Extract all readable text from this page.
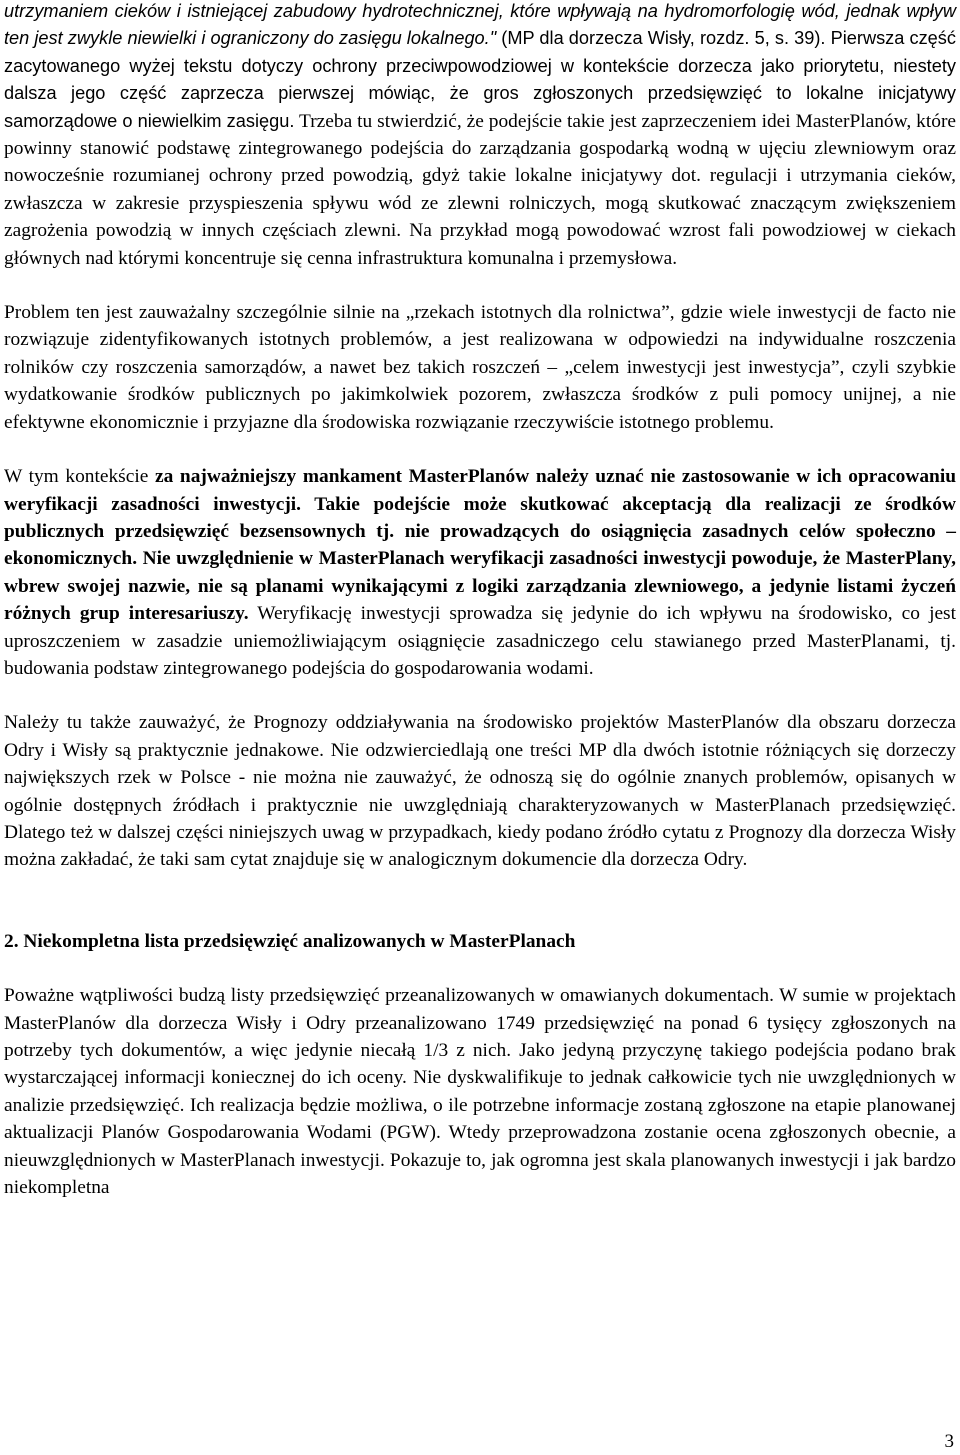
utrzymaniem cieków i istniejącej zabudowy hydrotechnicznej, które wpływają na hydromorfologię wód, jednak wpływ ten jest zwykle niewielki i ograniczony do zasięgu lokalnego." (MP dla dorzecza Wisły, rozdz. 5, s. 39). Pierwsza część zacytowanego wyżej tekstu dotyczy ochrony przeciwpowodziowej w kontekście dorzecza jako priorytetu, niestety dalsza jego część zaprzecza pierwszej mówiąc, że gros zgłoszonych przedsięwzięć to lokalne inicjatywy samorządowe o niewielkim zasięgu. Trzeba tu stwierdzić, że podejście takie jest zaprzeczeniem idei MasterPlanów, które powinny stanowić podstawę zintegrowanego podejścia do zarządzania gospodarką wodną w ujęciu zlewniowym oraz nowocześnie rozumianej ochrony przed powodzią, gdyż takie lokalne inicjatywy dot. regulacji i utrzymania cieków, zwłaszcza w zakresie przyspieszenia spływu wód ze zlewni rolniczych, mogą skutkować znaczącym zwiększeniem zagrożenia powodzią w innych częściach zlewni. Na przykład mogą powodować wzrost fali powodziowej w ciekach głównych nad którymi koncentruje się cenna infrastruktura komunalna i przemysłowa.

Problem ten jest zauważalny szczególnie silnie na „rzekach istotnych dla rolnictwa”, gdzie wiele inwestycji de facto nie rozwiązuje zidentyfikowanych istotnych problemów, a jest realizowana w odpowiedzi na indywidualne roszczenia rolników czy roszczenia samorządów, a nawet bez takich roszczeń – „celem inwestycji jest inwestycja”, czyli szybkie wydatkowanie środków publicznych po jakimkolwiek pozorem, zwłaszcza środków z puli pomocy unijnej, a nie efektywne ekonomicznie i przyjazne dla środowiska rozwiązanie rzeczywiście istotnego problemu.

W tym kontekście za najważniejszy mankament MasterPlanów należy uznać nie zastosowanie w ich opracowaniu weryfikacji zasadności inwestycji. Takie podejście może skutkować akceptacją dla realizacji ze środków publicznych przedsięwzięć bezsensownych tj. nie prowadzących do osiągnięcia zasadnych celów społeczno – ekonomicznych. Nie uwzględnienie w MasterPlanach weryfikacji zasadności inwestycji powoduje, że MasterPlany, wbrew swojej nazwie, nie są planami wynikającymi z logiki zarządzania zlewniowego, a jedynie listami życzeń różnych grup interesariuszy. Weryfikację inwestycji sprowadza się jedynie do ich wpływu na środowisko, co jest uproszczeniem w zasadzie uniemożliwiającym osiągnięcie zasadniczego celu stawianego przed MasterPlanami, tj. budowania podstaw zintegrowanego podejścia do gospodarowania wodami.

Należy tu także zauważyć, że Prognozy oddziaływania na środowisko projektów MasterPlanów dla obszaru dorzecza Odry i Wisły są praktycznie jednakowe. Nie odzwierciedlają one treści MP dla dwóch istotnie różniących się dorzeczy największych rzek w Polsce - nie można nie zauważyć, że odnoszą się do ogólnie znanych problemów, opisanych w ogólnie dostępnych źródłach i praktycznie nie uwzględniają charakteryzowanych w MasterPlanach przedsięwzięć. Dlatego też w dalszej części niniejszych uwag w przypadkach, kiedy podano źródło cytatu z Prognozy dla dorzecza Wisły można zakładać, że taki sam cytat znajduje się w analogicznym dokumencie dla dorzecza Odry.

2. Niekompletna lista przedsięwzięć analizowanych w MasterPlanach

Poważne wątpliwości budzą listy przedsięwzięć przeanalizowanych w omawianych dokumentach. W sumie w projektach MasterPlanów dla dorzecza Wisły i Odry przeanalizowano 1749 przedsięwzięć na ponad 6 tysięcy zgłoszonych na potrzeby tych dokumentów, a więc jedynie niecałą 1/3 z nich. Jako jedyną przyczynę takiego podejścia podano brak wystarczającej informacji koniecznej do ich oceny. Nie dyskwalifikuje to jednak całkowicie tych nie uwzględnionych w analizie przedsięwzięć. Ich realizacja będzie możliwa, o ile potrzebne informacje zostaną zgłoszone na etapie planowanej aktualizacji Planów Gospodarowania Wodami (PGW). Wtedy przeprowadzona zostanie ocena zgłoszonych obecnie, a nieuwzględnionych w MasterPlanach inwestycji. Pokazuje to, jak ogromna jest skala planowanych inwestycji i jak bardzo niekompletna

3
